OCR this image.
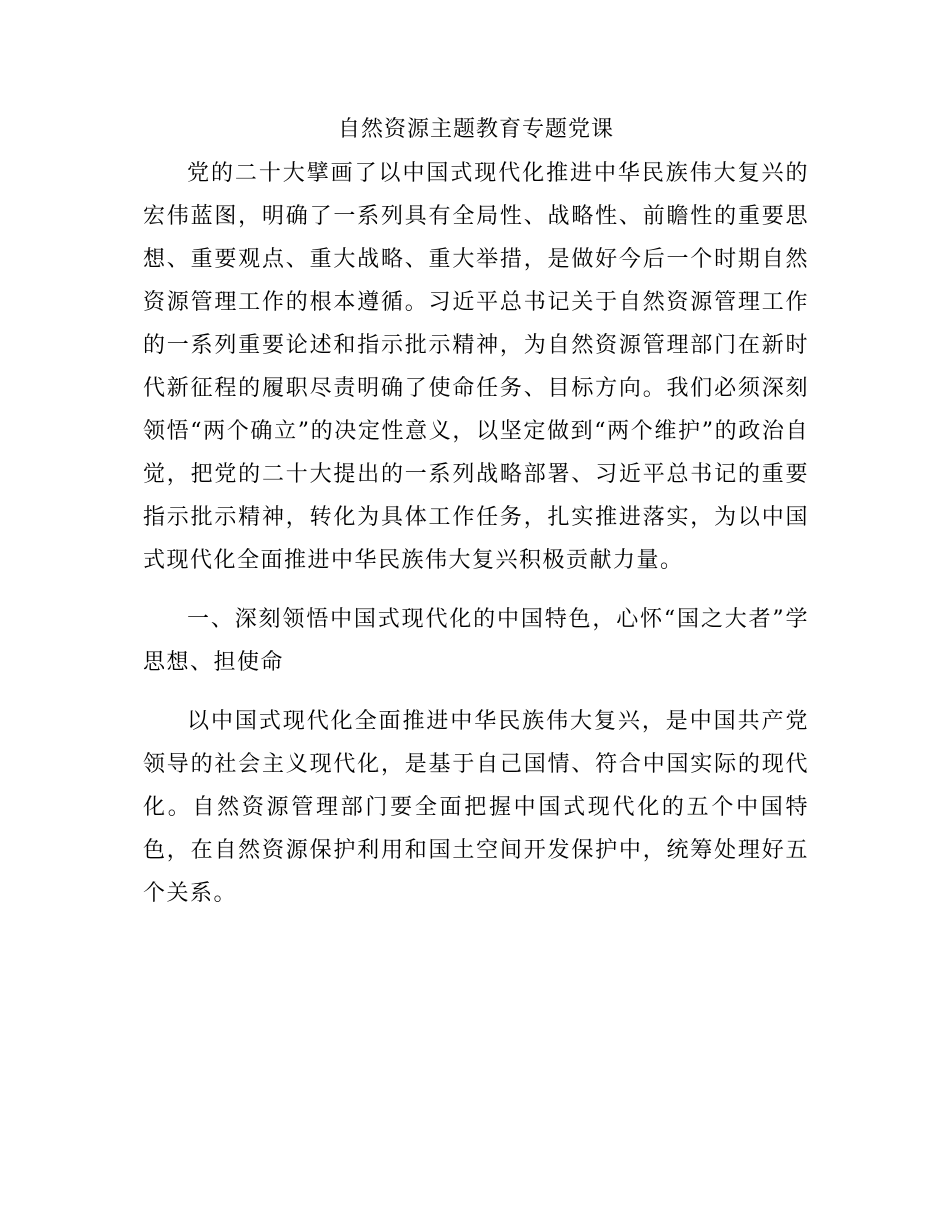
自然资源主题教育专题党课

党的二十大擘画了以中国式现代化推进中华民族伟大复兴的宏伟蓝图，明确了一系列具有全局性、战略性、前瞻性的重要思想、重要观点、重大战略、重大举措，是做好今后一个时期自然资源管理工作的根本遵循。习近平总书记关于自然资源管理工作的一系列重要论述和指示批示精神，为自然资源管理部门在新时代新征程的履职尽责明确了使命任务、目标方向。我们必须深刻领悟“两个确立”的决定性意义，以坚定做到“两个维护”的政治自觉，把党的二十大提出的一系列战略部署、习近平总书记的重要指示批示精神，转化为具体工作任务，扎实推进落实，为以中国式现代化全面推进中华民族伟大复兴积极贡献力量。

一、深刻领悟中国式现代化的中国特色，心怀“国之大者”学思想、担使命

以中国式现代化全面推进中华民族伟大复兴，是中国共产党领导的社会主义现代化，是基于自己国情、符合中国实际的现代化。自然资源管理部门要全面把握中国式现代化的五个中国特色，在自然资源保护利用和国土空间开发保护中，统筹处理好五个关系。
